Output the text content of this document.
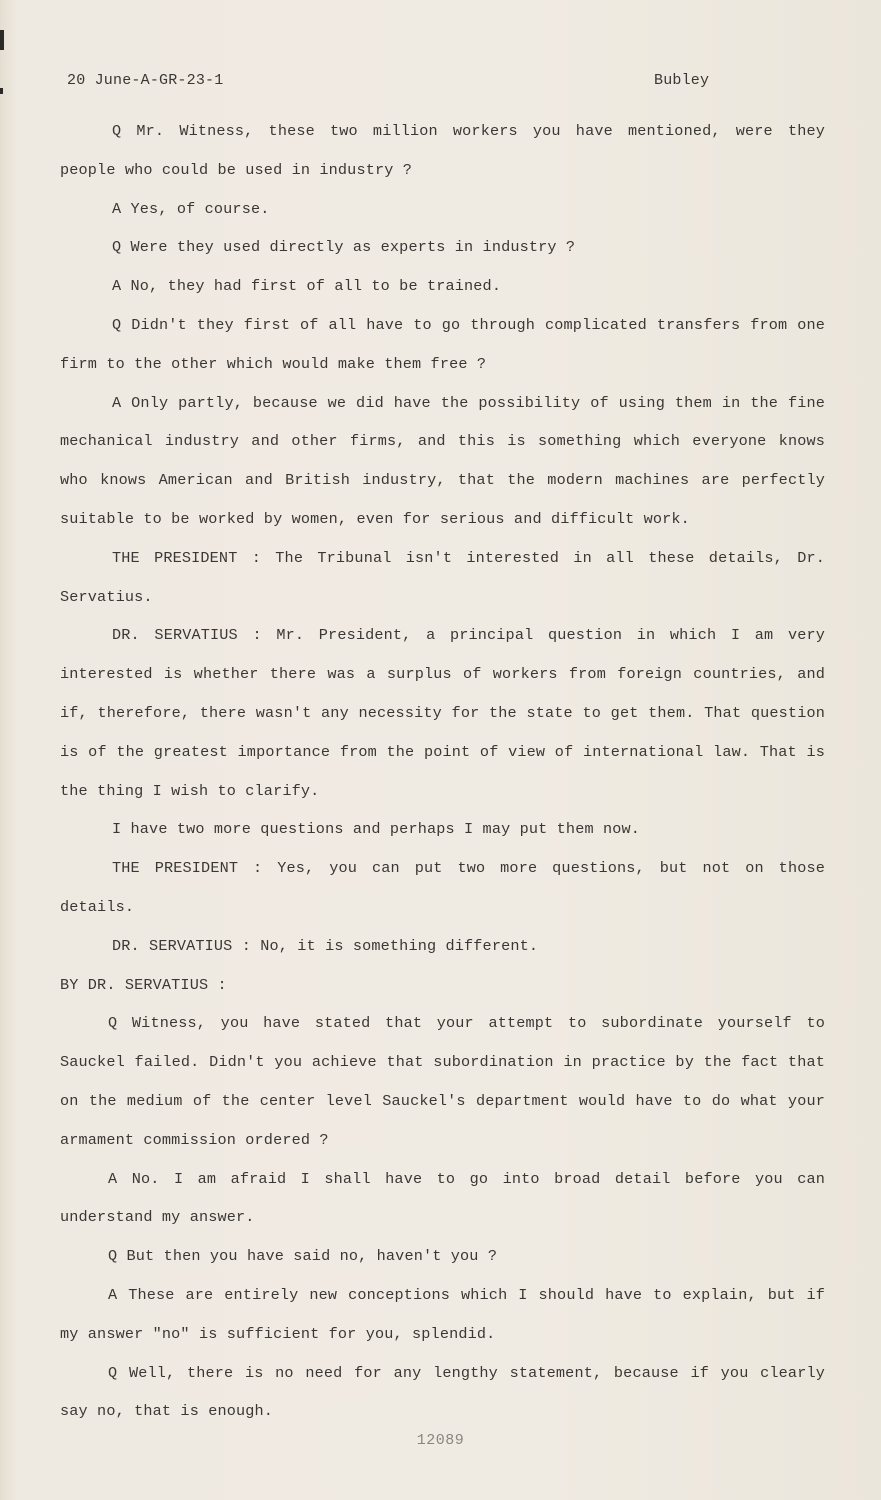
20 June-A-GR-23-1	Bubley

Q Mr. Witness, these two million workers you have mentioned, were they people who could be used in industry ?

A Yes, of course.

Q Were they used directly as experts in industry ?

A No, they had first of all to be trained.

Q Didn't they first of all have to go through complicated transfers from one firm to the other which would make them free ?

A Only partly, because we did have the possibility of using them in the fine mechanical industry and other firms, and this is something which everyone knows who knows American and British industry, that the modern machines are perfectly suitable to be worked by women, even for serious and difficult work.

THE PRESIDENT : The Tribunal isn't interested in all these details, Dr. Servatius.

DR. SERVATIUS : Mr. President, a principal question in which I am very interested is whether there was a surplus of workers from foreign countries, and if, therefore, there wasn't any necessity for the state to get them. That question is of the greatest importance from the point of view of international law. That is the thing I wish to clarify.

I have two more questions and perhaps I may put them now.

THE PRESIDENT : Yes, you can put two more questions, but not on those details.

DR. SERVATIUS : No, it is something different.

BY DR. SERVATIUS :

Q Witness, you have stated that your attempt to subordinate yourself to Sauckel failed. Didn't you achieve that subordination in practice by the fact that on the medium of the center level Sauckel's department would have to do what your armament commission ordered ?

A No. I am afraid I shall have to go into broad detail before you can understand my answer.

Q But then you have said no, haven't you ?

A These are entirely new conceptions which I should have to explain, but if my answer "no" is sufficient for you, splendid.

Q Well, there is no need for any lengthy statement, because if you clearly say no, that is enough.

12089
